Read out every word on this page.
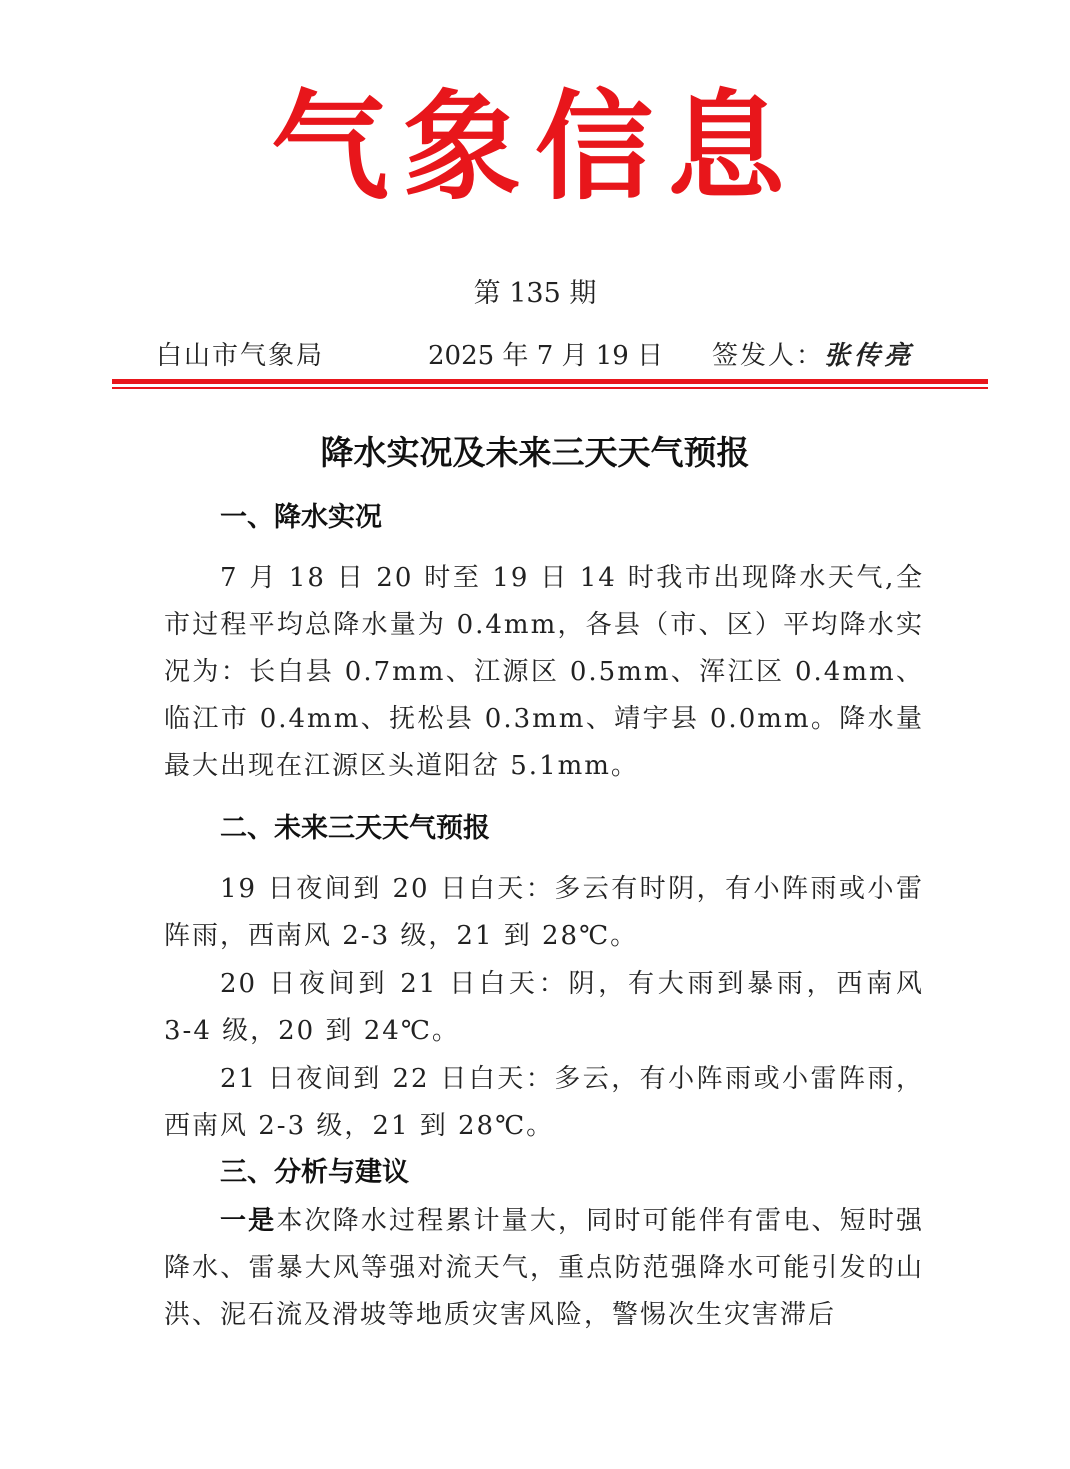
气象信息
第 135 期
白山市气象局	2025 年 7 月 19 日 签发人：张传亮
降水实况及未来三天天气预报
一、降水实况
7 月 18 日 20 时至 19 日 14 时我市出现降水天气,全市过程平均总降水量为 0.4mm，各县（市、区）平均降水实况为：长白县 0.7mm、江源区 0.5mm、浑江区 0.4mm、临江市 0.4mm、抚松县 0.3mm、靖宇县 0.0mm。降水量最大出现在江源区头道阳岔 5.1mm。
二、未来三天天气预报
19 日夜间到 20 日白天：多云有时阴，有小阵雨或小雷阵雨，西南风 2-3 级，21 到 28℃。
20 日夜间到 21 日白天：阴，有大雨到暴雨，西南风 3-4 级，20 到 24℃。
21 日夜间到 22 日白天：多云，有小阵雨或小雷阵雨，西南风 2-3 级，21 到 28℃。
三、分析与建议
一是本次降水过程累计量大，同时可能伴有雷电、短时强降水、雷暴大风等强对流天气，重点防范强降水可能引发的山洪、泥石流及滑坡等地质灾害风险，警惕次生灾害滞后
